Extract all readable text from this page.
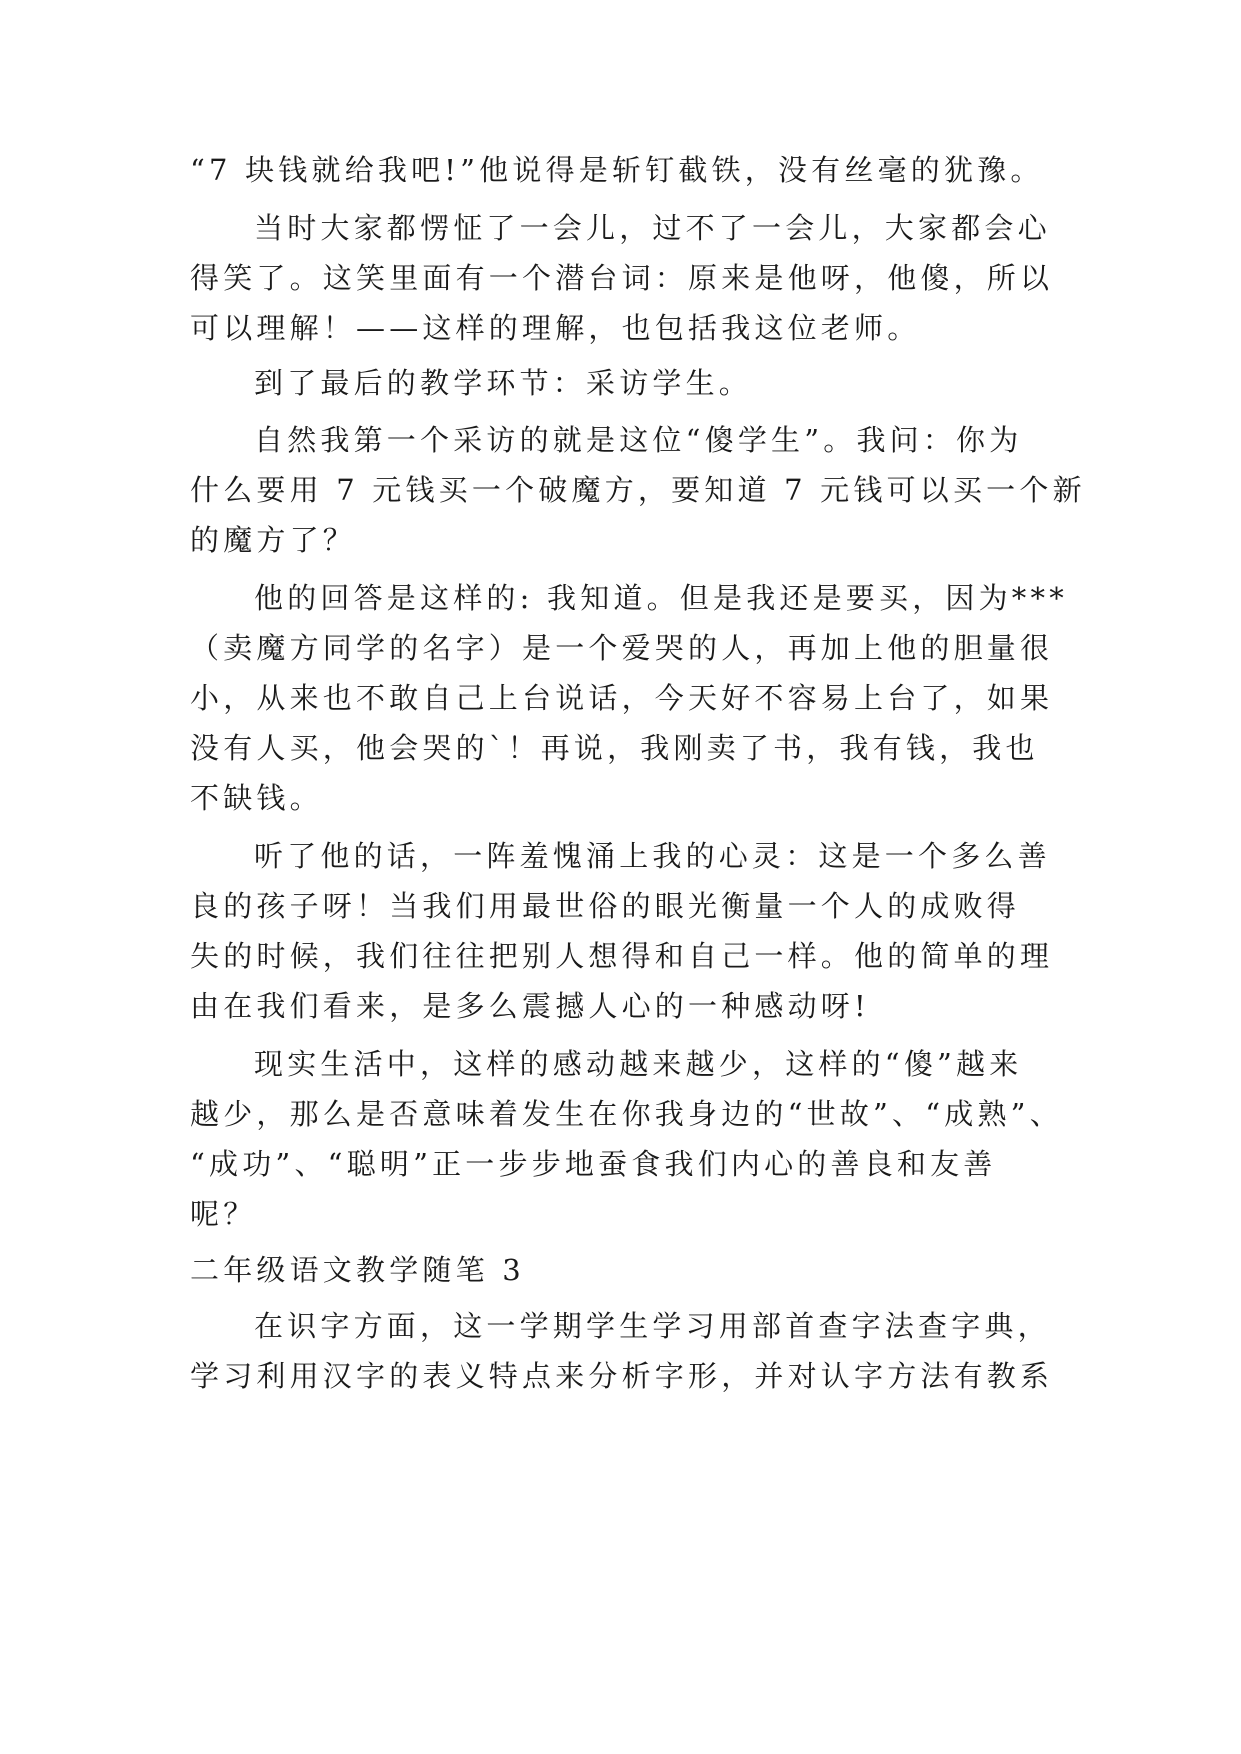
“7 块钱就给我吧!”他说得是斩钉截铁，没有丝毫的犹豫。
当时大家都愣怔了一会儿，过不了一会儿，大家都会心
得笑了。这笑里面有一个潜台词：原来是他呀，他傻，所以
可以理解！——这样的理解，也包括我这位老师。
到了最后的教学环节：采访学生。
自然我第一个采访的就是这位“傻学生”。我问：你为
什么要用 7 元钱买一个破魔方，要知道 7 元钱可以买一个新
的魔方了？
他的回答是这样的: 我知道。但是我还是要买，因为***
（卖魔方同学的名字）是一个爱哭的人，再加上他的胆量很
小，从来也不敢自己上台说话，今天好不容易上台了，如果
没有人买，他会哭的`！再说，我刚卖了书，我有钱，我也
不缺钱。
听了他的话，一阵羞愧涌上我的心灵：这是一个多么善
良的孩子呀！当我们用最世俗的眼光衡量一个人的成败得
失的时候，我们往往把别人想得和自己一样。他的简单的理
由在我们看来，是多么震撼人心的一种感动呀!
现实生活中，这样的感动越来越少，这样的“傻”越来
越少，那么是否意味着发生在你我身边的“世故”、“成熟”、
“成功”、“聪明”正一步步地蚕食我们内心的善良和友善
呢？
二年级语文教学随笔 3
在识字方面，这一学期学生学习用部首查字法查字典，
学习利用汉字的表义特点来分析字形，并对认字方法有教系
